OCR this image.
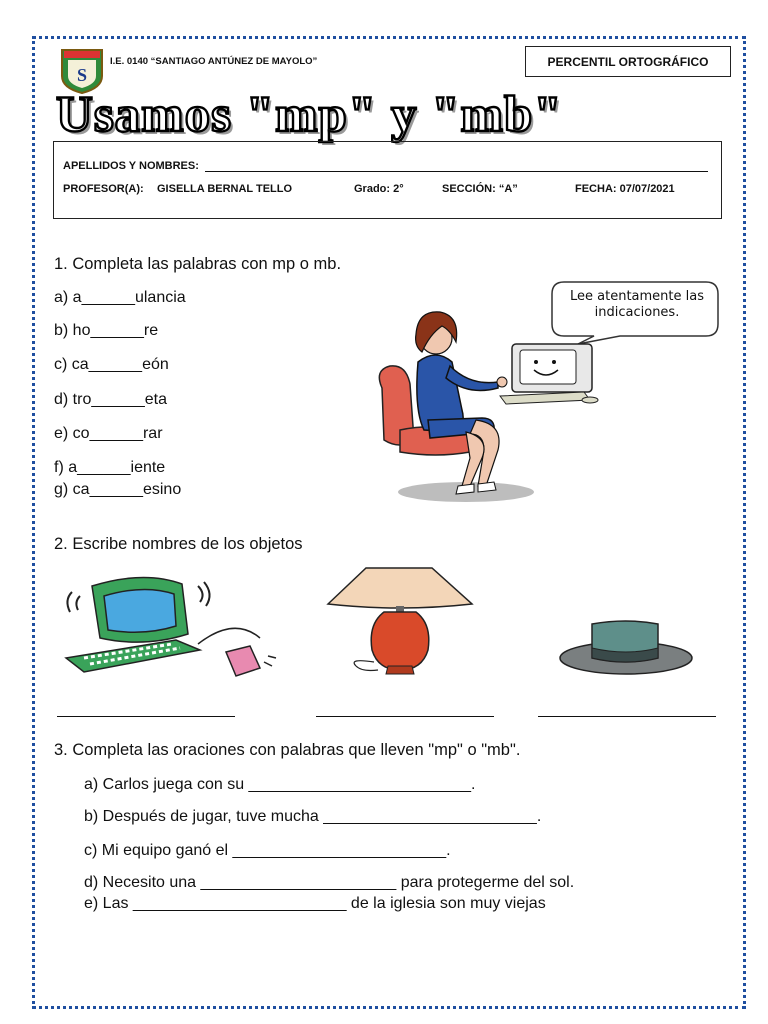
S
I.E. 0140 “SANTIAGO ANTÚNEZ DE MAYOLO”	PERCENTIL ORTOGRÁFICO
Usamos "mp" y "mb"
APELLIDOS Y NOMBRES:
PROFESOR(A): GISELLA BERNAL TELLO	Grado: 2°	SECCIÓN: “A”	FECHA: 07/07/2021
1. Completa las palabras con mp o mb.
a) a______ulancia
b) ho______re
c) ca______eón
d) tro______eta
e) co______rar
f) a______iente
g) ca______esino
Lee atentamente las indicaciones.
2. Escribe nombres de los objetos
3. Completa las oraciones con palabras que lleven "mp" o "mb".
a) Carlos juega con su _________________________.
b) Después de jugar, tuve mucha ________________________.
c) Mi equipo ganó el ________________________.
d) Necesito una ______________________ para protegerme del sol.
e) Las ________________________ de la iglesia son muy viejas
